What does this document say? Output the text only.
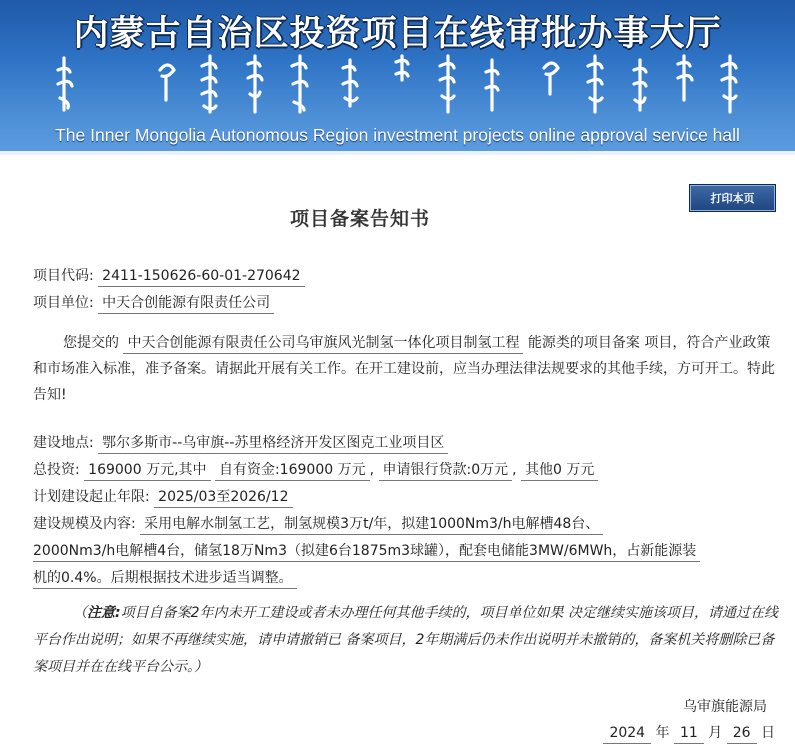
内蒙古自治区投资项目在线审批办事大厅
The Inner Mongolia Autonomous Region investment projects online approval service hall
打印本页
项目备案告知书
项目代码: 2411-150626-60-01-270642
项目单位: 中天合创能源有限责任公司
您提交的 中天合创能源有限责任公司乌审旗风光制氢一体化项目制氢工程 能源类的项目备案 项目，符合产业政策和市场准入标准，准予备案。请据此开展有关工作。在开工建设前，应当办理法律法规要求的其他手续，方可开工。特此告知!
建设地点: 鄂尔多斯市--乌审旗--苏里格经济开发区图克工业项目区
总投资: 169000 万元,其中 自有资金:169000 万元 , 申请银行贷款:0万元 , 其他0 万元
计划建设起止年限: 2025/03至2026/12
建设规模及内容: 采用电解水制氢工艺，制氢规模3万t/年，拟建1000Nm3/h电解槽48台、
2000Nm3/h电解槽4台，储氢18万Nm3（拟建6台1875m3球罐），配套电储能3MW/6MWh，占新能源装
机的0.4%。后期根据技术进步适当调整。
（注意:项目自备案2年内未开工建设或者未办理任何其他手续的，项目单位如果 决定继续实施该项目，请通过在线平台作出说明；如果不再继续实施，请申请撤销已 备案项目，2年期满后仍未作出说明并未撤销的，备案机关将删除已备案项目并在在线平台公示。）
乌审旗能源局
2024 年 11 月 26 日
